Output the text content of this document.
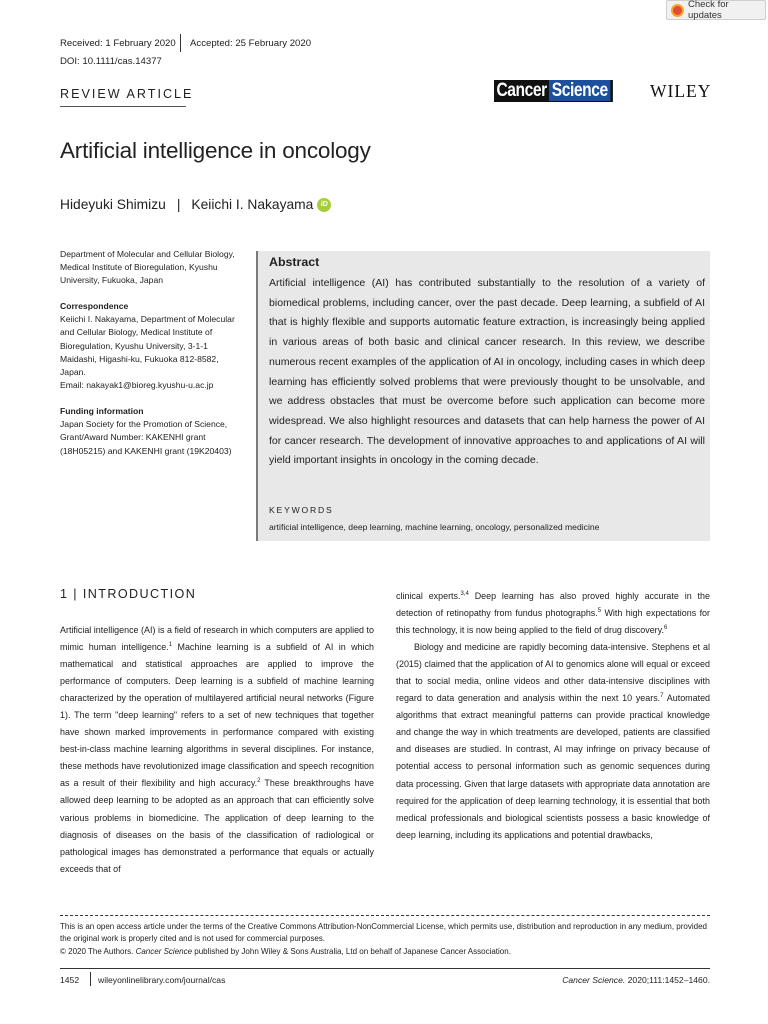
Check for updates
Received: 1 February 2020 Accepted: 25 February 2020
DOI: 10.1111/cas.14377
REVIEW ARTICLE	Cancer Science WILEY
Artificial intelligence in oncology
Hideyuki Shimizu | Keiichi I. Nakayama	iD
Department of Molecular and Cellular Biology, Medical Institute of Bioregulation, Kyushu University, Fukuoka, Japan
Correspondence
Keiichi I. Nakayama, Department of Molecular and Cellular Biology, Medical Institute of Bioregulation, Kyushu University, 3-1-1 Maidashi, Higashi-ku, Fukuoka 812-8582, Japan.
Email: nakayak1@bioreg.kyushu-u.ac.jp
Funding information
Japan Society for the Promotion of Science, Grant/Award Number: KAKENHI grant (18H05215) and KAKENHI grant (19K20403)
Abstract
Artificial intelligence (AI) has contributed substantially to the resolution of a variety of biomedical problems, including cancer, over the past decade. Deep learning, a subfield of AI that is highly flexible and supports automatic feature extraction, is increasingly being applied in various areas of both basic and clinical cancer research. In this review, we describe numerous recent examples of the application of AI in oncology, including cases in which deep learning has efficiently solved problems that were previously thought to be unsolvable, and we address obstacles that must be overcome before such application can become more widespread. We also highlight resources and datasets that can help harness the power of AI for cancer research. The development of innovative approaches to and applications of AI will yield important insights in oncology in the coming decade.
KEYWORDS
artificial intelligence, deep learning, machine learning, oncology, personalized medicine
1 | INTRODUCTION

Artificial intelligence (AI) is a field of research in which computers are applied to mimic human intelligence.$^1$ Machine learning is a subfield of AI in which mathematical and statistical approaches are applied to improve the performance of computers. Deep learning is a subfield of machine learning characterized by the operation of multilayered artificial neural networks (Figure 1). The term "deep learning" refers to a set of new techniques that together have shown marked improvements in performance compared with existing best-in-class machine learning algorithms in several disciplines. For instance, these methods have revolutionized image classification and speech recognition as a result of their flexibility and high accuracy.$^2$ These breakthroughs have allowed deep learning to be adopted as an approach that can efficiently solve various problems in biomedicine. The application of deep learning to the diagnosis of diseases on the basis of the classification of radiological or pathological images has demonstrated a performance that equals or actually exceeds that of

clinical experts.$^{3,4}$ Deep learning has also proved highly accurate in the detection of retinopathy from fundus photographs.$^5$ With high expectations for this technology, it is now being applied to the field of drug discovery.$^6$

Biology and medicine are rapidly becoming data-intensive. Stephens et al (2015) claimed that the application of AI to genomics alone will equal or exceed that to social media, online videos and other data-intensive disciplines with regard to data generation and analysis within the next 10 years.$^7$ Automated algorithms that extract meaningful patterns can provide practical knowledge and change the way in which treatments are developed, patients are classified and diseases are studied. In contrast, AI may infringe on privacy because of potential access to personal information such as genomic sequences during data processing. Given that large datasets with appropriate data annotation are required for the application of deep learning technology, it is essential that both medical professionals and biological scientists possess a basic knowledge of deep learning, including its applications and potential drawbacks,

This is an open access article under the terms of the Creative Commons Attribution-NonCommercial License, which permits use, distribution and reproduction in any medium, provided the original work is properly cited and is not used for commercial purposes.
© 2020 The Authors. Cancer Science published by John Wiley & Sons Australia, Ltd on behalf of Japanese Cancer Association.
1452 wileyonlinelibrary.com/journal/cas	Cancer Science. 2020;111:1452–1460.
